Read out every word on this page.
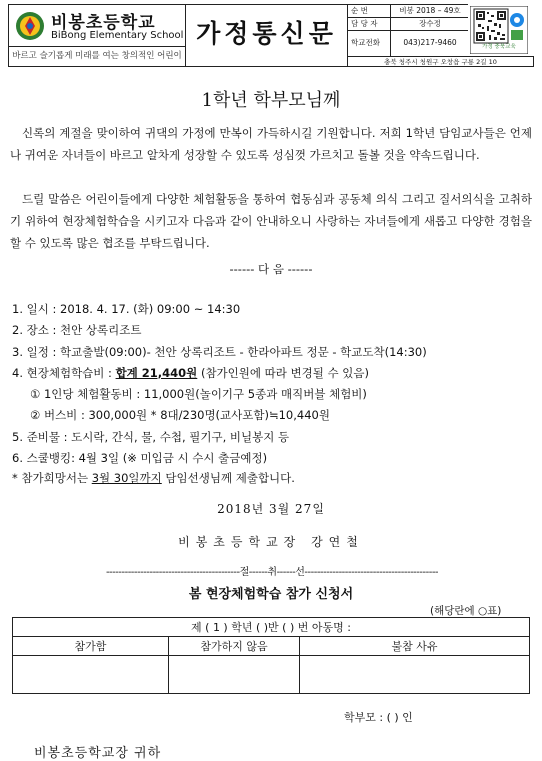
비봉초등학교
BiBong Elementary School
바르고 슬기롭게 미래를 여는 창의적인 어린이
가정통신문
순 번	비봉 2018 – 49호
담 당 자	장수정
학교전화	043)217-9460	가정 충북교육
충북 청주시 청원구 오창읍 구룡 2길 10
1학년 학부모님께
신록의 계절을 맞이하여 귀댁의 가정에 만복이 가득하시길 기원합니다. 저희 1학년 담임교사들은 언제나 귀여운 자녀들이 바르고 알차게 성장할 수 있도록 성심껏 가르치고 돌볼 것을 약속드립니다.
드릴 말씀은 어린이들에게 다양한 체험활동을 통하여 협동심과 공동체 의식 그리고 질서의식을 고취하기 위하여 현장체험학습을 시키고자 다음과 같이 안내하오니 사랑하는 자녀들에게 새롭고 다양한 경험을 할 수 있도록 많은 협조를 부탁드립니다.
------ 다 음 ------
1. 일시 : 2018. 4. 17. (화) 09:00 ~ 14:30
2. 장소 : 천안 상록리조트
3. 일정 : 학교출발(09:00)- 천안 상록리조트 - 한라아파트 정문 - 학교도착(14:30)
4. 현장체험학습비 : 합계 21,440원 (참가인원에 따라 변경될 수 있음)
① 1인당 체험활동비 : 11,000원(놀이기구 5종과 매직버블 체험비)
② 버스비 : 300,000원 * 8대/230명(교사포함)≒10,440원
5. 준비물 : 도시락, 간식, 물, 수첩, 필기구, 비닐봉지 등
6. 스쿨뱅킹: 4월 3일 (※ 미입금 시 수시 출금예정)
* 참가희망서는 3월 30일까지 담임선생님께 제출합니다.
2018년 3월 27일
비봉초등학교장 강연철
-------------------------------------------절------취------선-------------------------------------------
봄 현장체험학습 참가 신청서
(해당란에 ○표)
제 ( 1 ) 학년 ( )반 ( ) 번 아동명 :		
참가함	참가하지 않음	불참 사유

학부모 : ( ) 인
비봉초등학교장 귀하
